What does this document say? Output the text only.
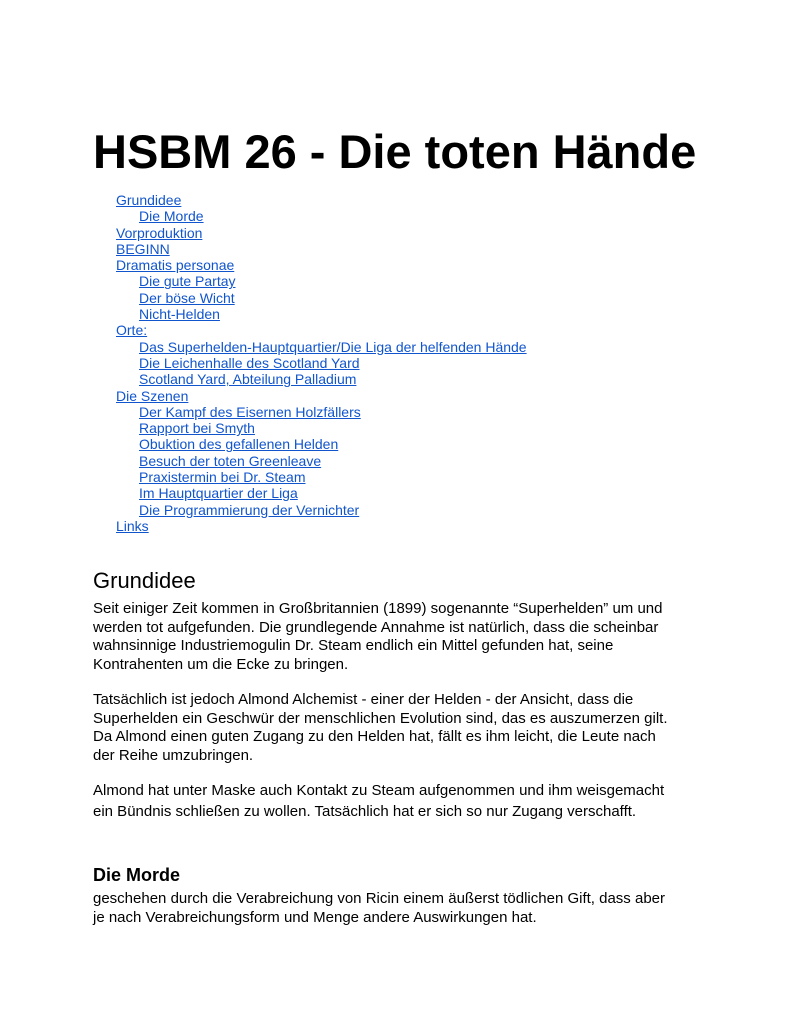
HSBM 26 - Die toten Hände
Grundidee
Die Morde
Vorproduktion
BEGINN
Dramatis personae
Die gute Partay
Der böse Wicht
Nicht-Helden
Orte:
Das Superhelden-Hauptquartier/Die Liga der helfenden Hände
Die Leichenhalle des Scotland Yard
Scotland Yard, Abteilung Palladium
Die Szenen
Der Kampf des Eisernen Holzfällers
Rapport bei Smyth
Obuktion des gefallenen Helden
Besuch der toten Greenleave
Praxistermin bei Dr. Steam
Im Hauptquartier der Liga
Die Programmierung der Vernichter
Links
Grundidee

Seit einiger Zeit kommen in Großbritannien (1899) sogenannte “Superhelden” um und
werden tot aufgefunden. Die grundlegende Annahme ist natürlich, dass die scheinbar
wahnsinnige Industriemogulin Dr. Steam endlich ein Mittel gefunden hat, seine
Kontrahenten um die Ecke zu bringen.

Tatsächlich ist jedoch Almond Alchemist - einer der Helden - der Ansicht, dass die
Superhelden ein Geschwür der menschlichen Evolution sind, das es auszumerzen gilt.
Da Almond einen guten Zugang zu den Helden hat, fällt es ihm leicht, die Leute nach
der Reihe umzubringen.

Almond hat unter Maske auch Kontakt zu Steam aufgenommen und ihm weisgemacht
ein Bündnis schließen zu wollen. Tatsächlich hat er sich so nur Zugang verschafft.

Die Morde

geschehen durch die Verabreichung von Ricin einem äußerst tödlichen Gift, dass aber
je nach Verabreichungsform und Menge andere Auswirkungen hat.
